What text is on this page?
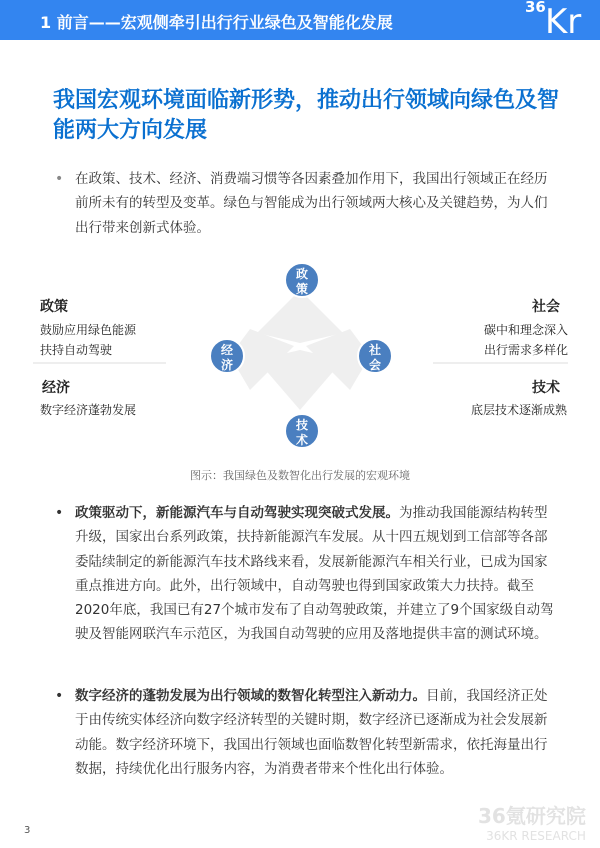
1 前言——宏观侧牵引出行行业绿色及智能化发展
36 Kr
我国宏观环境面临新形势，推动出行领域向绿色及智能两大方向发展
• 在政策、技术、经济、消费端习惯等各因素叠加作用下，我国出行领域正在经历前所未有的转型及变革。绿色与智能成为出行领域两大核心及关键趋势，为人们出行带来创新式体验。
政
策
经
济
社
会
技
术
政策
鼓励应用绿色能源
扶持自动驾驶
经济
数字经济蓬勃发展
社会
碳中和理念深入
出行需求多样化
技术
底层技术逐渐成熟
图示：我国绿色及数智化出行发展的宏观环境
• 政策驱动下，新能源汽车与自动驾驶实现突破式发展。为推动我国能源结构转型升级，国家出台系列政策，扶持新能源汽车发展。从十四五规划到工信部等各部委陆续制定的新能源汽车技术路线来看，发展新能源汽车相关行业，已成为国家重点推进方向。此外，出行领域中，自动驾驶也得到国家政策大力扶持。截至2020年底，我国已有27个城市发布了自动驾驶政策，并建立了9个国家级自动驾驶及智能网联汽车示范区，为我国自动驾驶的应用及落地提供丰富的测试环境。
• 数字经济的蓬勃发展为出行领域的数智化转型注入新动力。目前，我国经济正处于由传统实体经济向数字经济转型的关键时期，数字经济已逐渐成为社会发展新动能。数字经济环境下，我国出行领域也面临数智化转型新需求，依托海量出行数据，持续优化出行服务内容，为消费者带来个性化出行体验。
3
36氪研究院
36KR RESEARCH
